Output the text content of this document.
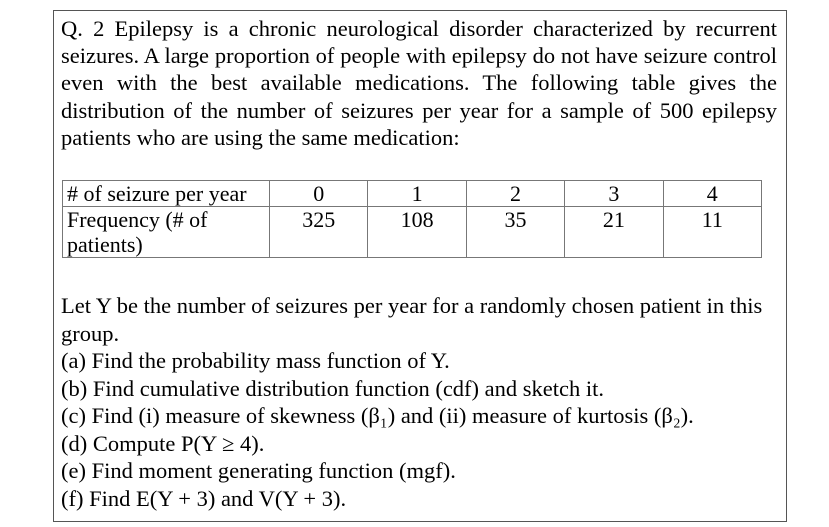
Q. 2 Epilepsy is a chronic neurological disorder characterized by recurrent seizures. A large proportion of people with epilepsy do not have seizure control even with the best available medications. The following table gives the distribution of the number of seizures per year for a sample of 500 epilepsy patients who are using the same medication:

# of seizure per year	0	1	2	3	4
Frequency (# of patients)	325	108	35	21	11

Let Y be the number of seizures per year for a randomly chosen patient in this group.

(a) Find the probability mass function of Y.
(b) Find cumulative distribution function (cdf) and sketch it.
(c) Find (i) measure of skewness (β₁) and (ii) measure of kurtosis (β₂).
(d) Compute P(Y ≥ 4).
(e) Find moment generating function (mgf).
(f) Find E(Y + 3) and V(Y + 3).
